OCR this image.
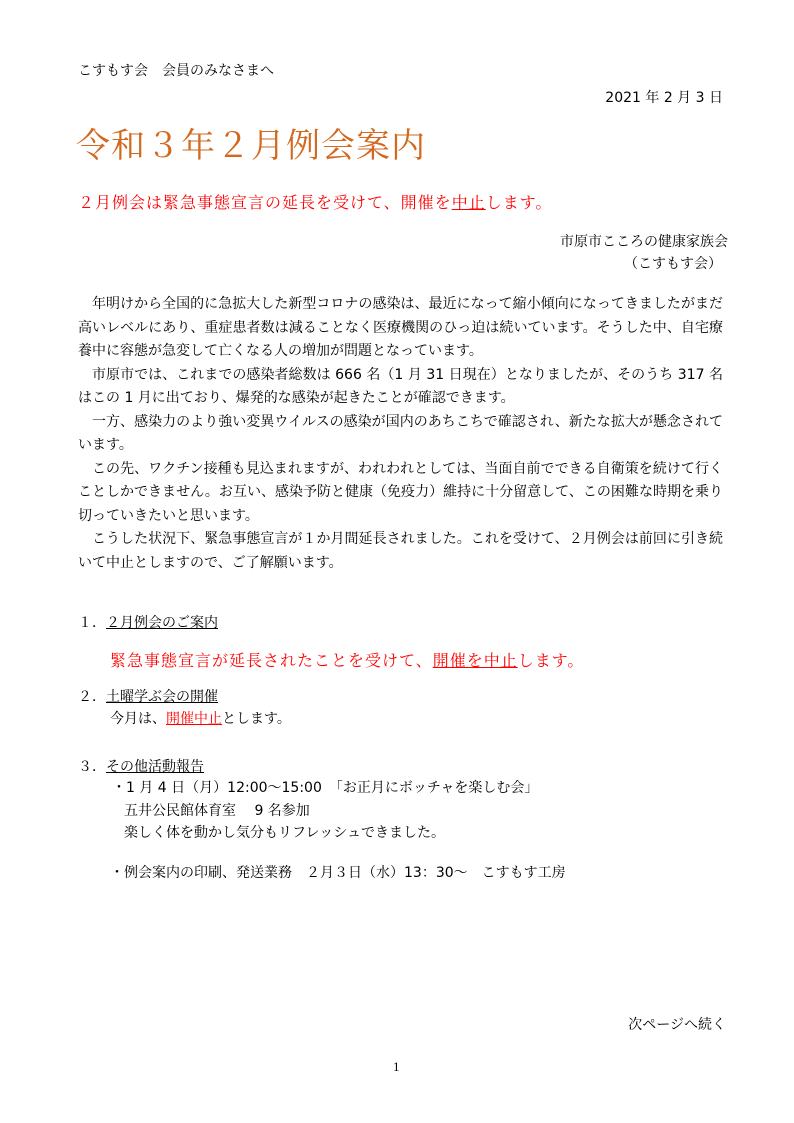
こすもす会　会員のみなさまへ
2021 年 2 月 3 日
令和３年２月例会案内
２月例会は緊急事態宣言の延長を受けて、開催を中止します。
市原市こころの健康家族会
（こすもす会）

年明けから全国的に急拡大した新型コロナの感染は、最近になって縮小傾向になってきましたがまだ高いレベルにあり、重症患者数は減ることなく医療機関のひっ迫は続いています。そうした中、自宅療養中に容態が急変して亡くなる人の増加が問題となっています。

市原市では、これまでの感染者総数は 666 名（1 月 31 日現在）となりましたが、そのうち 317 名はこの 1 月に出ており、爆発的な感染が起きたことが確認できます。

一方、感染力のより強い変異ウイルスの感染が国内のあちこちで確認され、新たな拡大が懸念されています。

この先、ワクチン接種も見込まれますが、われわれとしては、当面自前でできる自衛策を続けて行くことしかできません。お互い、感染予防と健康（免疫力）維持に十分留意して、この困難な時期を乗り切っていきたいと思います。

こうした状況下、緊急事態宣言が１か月間延長されました。これを受けて、２月例会は前回に引き続いて中止としますので、ご了解願います。

１．２月例会のご案内
緊急事態宣言が延長されたことを受けて、開催を中止します。
２．土曜学ぶ会の開催
今月は、開催中止とします。
３．その他活動報告
・1 月 4 日（月）12:00～15:00　「お正月にボッチャを楽しむ会」
五井公民館体育室　 9 名参加
楽しく体を動かし気分もリフレッシュできました。
・例会案内の印刷、発送業務　２月３日（水）13：30～　こすもす工房
次ページへ続く
1
